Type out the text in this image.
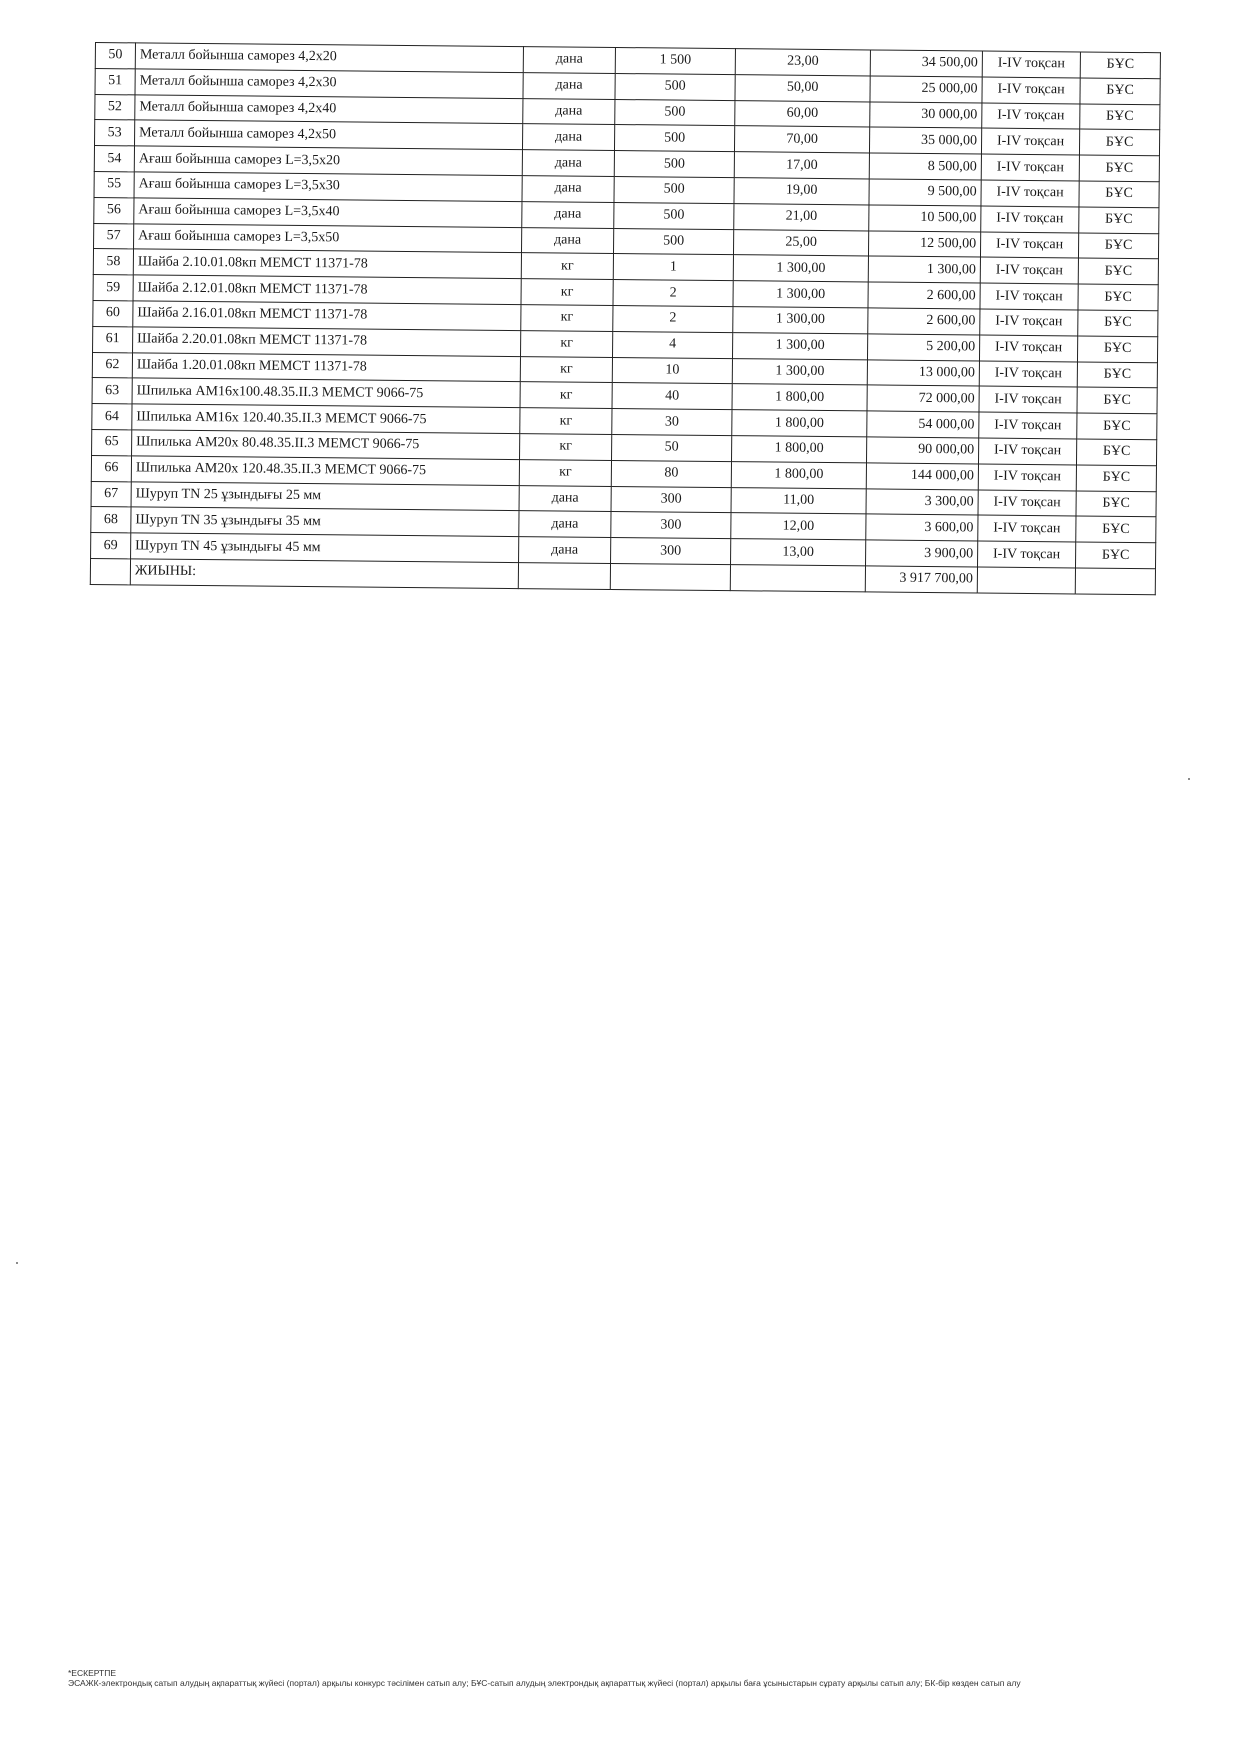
50	Металл бойынша саморез 4,2х20	дана	1 500	23,00	34 500,00	I-IV тоқсан	БҰС
51	Металл бойынша саморез 4,2х30	дана	500	50,00	25 000,00	I-IV тоқсан	БҰС
52	Металл бойынша саморез 4,2х40	дана	500	60,00	30 000,00	I-IV тоқсан	БҰС
53	Металл бойынша саморез 4,2х50	дана	500	70,00	35 000,00	I-IV тоқсан	БҰС
54	Ағаш бойынша саморез L=3,5х20	дана	500	17,00	8 500,00	I-IV тоқсан	БҰС
55	Ағаш бойынша саморез L=3,5х30	дана	500	19,00	9 500,00	I-IV тоқсан	БҰС
56	Ағаш бойынша саморез L=3,5х40	дана	500	21,00	10 500,00	I-IV тоқсан	БҰС
57	Ағаш бойынша саморез L=3,5х50	дана	500	25,00	12 500,00	I-IV тоқсан	БҰС
58	Шайба 2.10.01.08кп МЕМСТ 11371-78	кг	1	1 300,00	1 300,00	I-IV тоқсан	БҰС
59	Шайба 2.12.01.08кп МЕМСТ 11371-78	кг	2	1 300,00	2 600,00	I-IV тоқсан	БҰС
60	Шайба 2.16.01.08кп МЕМСТ 11371-78	кг	2	1 300,00	2 600,00	I-IV тоқсан	БҰС
61	Шайба 2.20.01.08кп МЕМСТ 11371-78	кг	4	1 300,00	5 200,00	I-IV тоқсан	БҰС
62	Шайба 1.20.01.08кп МЕМСТ 11371-78	кг	10	1 300,00	13 000,00	I-IV тоқсан	БҰС
63	Шпилька АМ16х100.48.35.II.3 МЕМСТ 9066-75	кг	40	1 800,00	72 000,00	I-IV тоқсан	БҰС
64	Шпилька АМ16х 120.40.35.II.3 МЕМСТ 9066-75	кг	30	1 800,00	54 000,00	I-IV тоқсан	БҰС
65	Шпилька АМ20х 80.48.35.II.3 МЕМСТ 9066-75	кг	50	1 800,00	90 000,00	I-IV тоқсан	БҰС
66	Шпилька АМ20х 120.48.35.II.3 МЕМСТ 9066-75	кг	80	1 800,00	144 000,00	I-IV тоқсан	БҰС
67	Шуруп TN 25 ұзындығы 25 мм	дана	300	11,00	3 300,00	I-IV тоқсан	БҰС
68	Шуруп TN 35 ұзындығы 35 мм	дана	300	12,00	3 600,00	I-IV тоқсан	БҰС
69	Шуруп TN 45 ұзындығы 45 мм	дана	300	13,00	3 900,00	I-IV тоқсан	БҰС
	ЖИЫНЫ:				3 917 700,00		
*ЕСКЕРТПЕ
ЭСАЖК-электрондық сатып алудың ақпараттық жүйесі (портал) арқылы конкурс тәсілімен сатып алу; БҰС-сатып алудың электрондық ақпараттық жүйесі (портал) арқылы баға ұсыныстарын сұрату арқылы сатып алу; БК-бір көзден сатып алу
